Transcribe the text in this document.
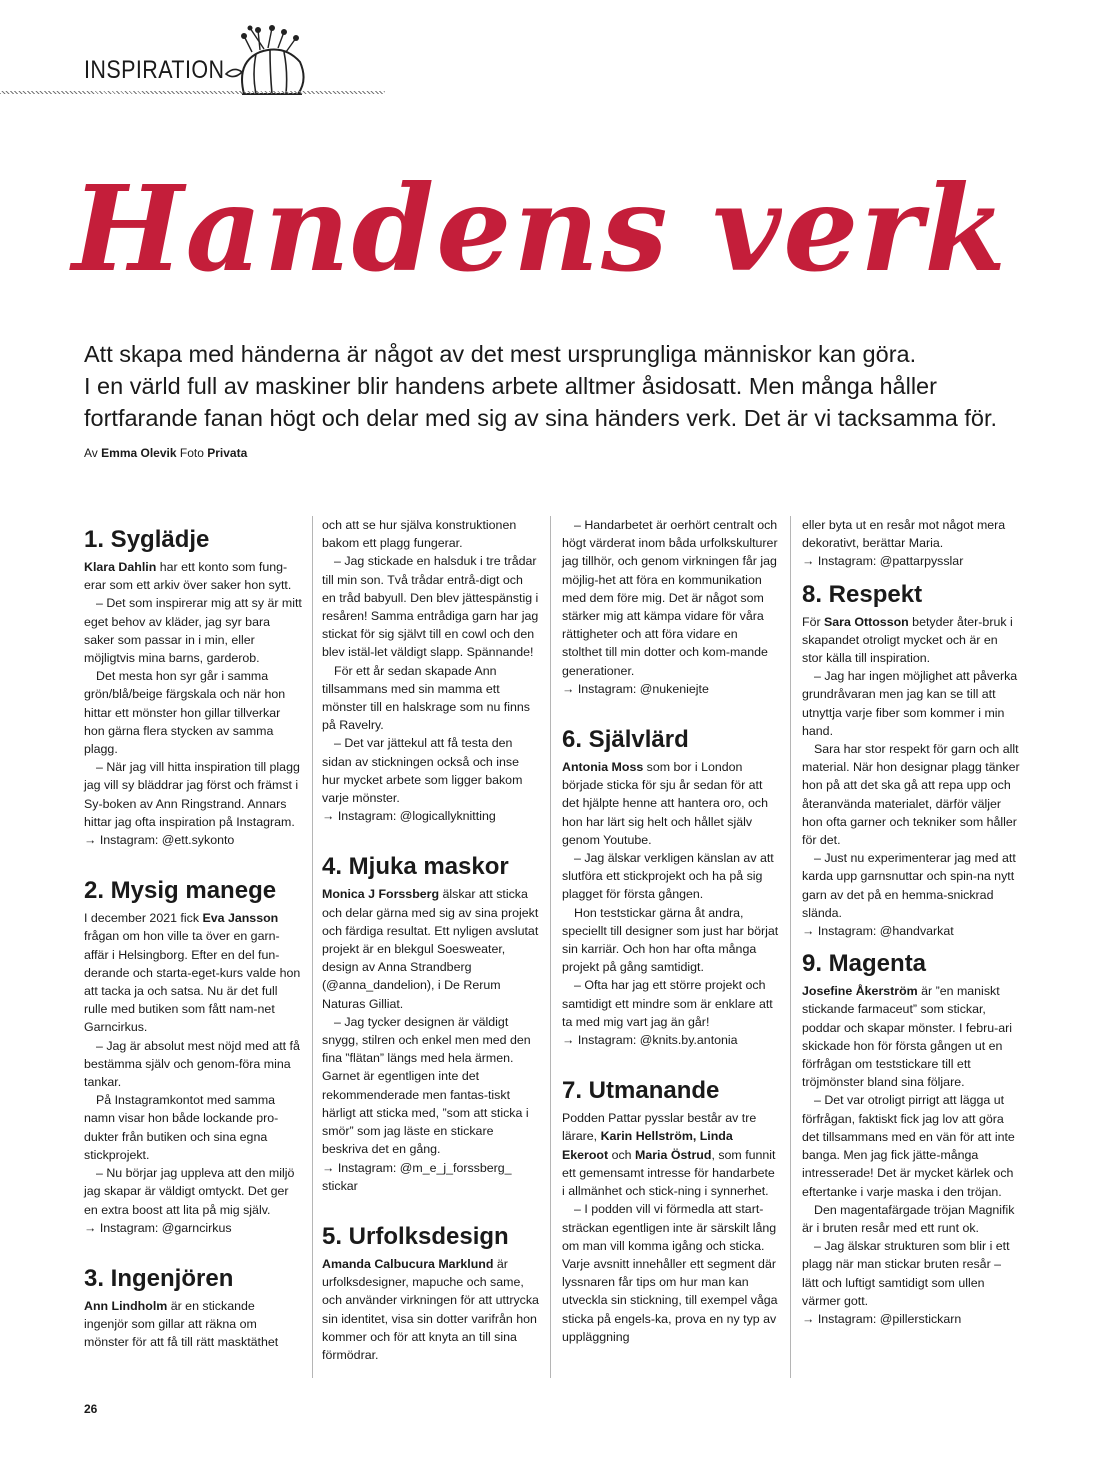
INSPIRATION
Handens verk

Att skapa med händerna är något av det mest ursprungliga människor kan göra.

I en värld full av maskiner blir handens arbete alltmer åsidosatt. Men många håller

fortfarande fanan högt och delar med sig av sina händers verk. Det är vi tacksamma för.

Av Emma Olevik Foto Privata
1. Syglädje

Klara Dahlin har ett konto som fung-erar som ett arkiv över saker hon sytt.

– Det som inspirerar mig att sy är mitt eget behov av kläder, jag syr bara saker som passar in i min, eller möjligtvis mina barns, garderob.

Det mesta hon syr går i samma grön/blå/beige färgskala och när hon hittar ett mönster hon gillar tillverkar hon gärna flera stycken av samma plagg.

– När jag vill hitta inspiration till plagg jag vill sy bläddrar jag först och främst i Sy-boken av Ann Ringstrand. Annars hittar jag ofta inspiration på Instagram.

→ Instagram: @ett.sykonto

2. Mysig manege

I december 2021 fick Eva Jansson frågan om hon ville ta över en garn-affär i Helsingborg. Efter en del fun-derande och starta-eget-kurs valde hon att tacka ja och satsa. Nu är det full rulle med butiken som fått nam-net Garncirkus.

– Jag är absolut mest nöjd med att få bestämma själv och genom-föra mina tankar.

På Instagramkontot med samma namn visar hon både lockande pro-dukter från butiken och sina egna stickprojekt.

– Nu börjar jag uppleva att den miljö jag skapar är väldigt omtyckt. Det ger en extra boost att lita på mig själv.

→ Instagram: @garncirkus

3. Ingenjören

Ann Lindholm är en stickande ingenjör som gillar att räkna om mönster för att få till rätt masktäthet

och att se hur själva konstruktionen bakom ett plagg fungerar.

– Jag stickade en halsduk i tre trådar till min son. Två trådar entrå-digt och en tråd babyull. Den blev jättespänstig i resåren! Samma entrådiga garn har jag stickat för sig självt till en cowl och den blev istäl-let väldigt slapp. Spännande!

För ett år sedan skapade Ann tillsammans med sin mamma ett mönster till en halskrage som nu finns på Ravelry.

– Det var jättekul att få testa den sidan av stickningen också och inse hur mycket arbete som ligger bakom varje mönster.

→ Instagram: @logicallyknitting

4. Mjuka maskor

Monica J Forssberg älskar att sticka och delar gärna med sig av sina projekt och färdiga resultat. Ett nyligen avslutat projekt är en blekgul Soesweater, design av Anna Strandberg (@anna_dandelion), i De Rerum Naturas Gilliat.

– Jag tycker designen är väldigt snygg, stilren och enkel men med den fina ”flätan” längs med hela ärmen. Garnet är egentligen inte det rekommenderade men fantas-tiskt härligt att sticka med, ”som att sticka i smör” som jag läste en stickare beskriva det en gång.

→ Instagram: @m_e_j_forssberg_ stickar

5. Urfolksdesign

Amanda Calbucura Marklund är urfolksdesigner, mapuche och same, och använder virkningen för att uttrycka sin identitet, visa sin dotter varifrån hon kommer och för att knyta an till sina förmödrar.

– Handarbetet är oerhört centralt och högt värderat inom båda urfolkskulturer jag tillhör, och genom virkningen får jag möjlig-het att föra en kommunikation med dem före mig. Det är något som stärker mig att kämpa vidare för våra rättigheter och att föra vidare en stolthet till min dotter och kom-mande generationer.

→ Instagram: @nukeniejte

6. Självlärd

Antonia Moss som bor i London började sticka för sju år sedan för att det hjälpte henne att hantera oro, och hon har lärt sig helt och hållet själv genom Youtube.

– Jag älskar verkligen känslan av att slutföra ett stickprojekt och ha på sig plagget för första gången.

Hon teststickar gärna åt andra, speciellt till designer som just har börjat sin karriär. Och hon har ofta många projekt på gång samtidigt.

– Ofta har jag ett större projekt och samtidigt ett mindre som är enklare att ta med mig vart jag än går!

→ Instagram: @knits.by.antonia

7. Utmanande

Podden Pattar pysslar består av tre lärare, Karin Hellström, Linda Ekeroot och Maria Östrud, som funnit ett gemensamt intresse för handarbete i allmänhet och stick-ning i synnerhet.

– I podden vill vi förmedla att start-sträckan egentligen inte är särskilt lång om man vill komma igång och sticka. Varje avsnitt innehåller ett segment där lyssnaren får tips om hur man kan utveckla sin stickning, till exempel våga sticka på engels-ka, prova en ny typ av uppläggning

eller byta ut en resår mot något mera dekorativt, berättar Maria.

→ Instagram: @pattarpysslar

8. Respekt

För Sara Ottosson betyder åter-bruk i skapandet otroligt mycket och är en stor källa till inspiration.

– Jag har ingen möjlighet att påverka grundråvaran men jag kan se till att utnyttja varje fiber som kommer i min hand.

Sara har stor respekt för garn och allt material. När hon designar plagg tänker hon på att det ska gå att repa upp och återanvända materialet, därför väljer hon ofta garner och tekniker som håller för det.

– Just nu experimenterar jag med att karda upp garnsnuttar och spin-na nytt garn av det på en hemma-snickrad slända.

→ Instagram: @handvarkat

9. Magenta

Josefine Åkerström är ”en maniskt stickande farmaceut” som stickar, poddar och skapar mönster. I febru-ari skickade hon för första gången ut en förfrågan om teststickare till ett tröjmönster bland sina följare.

– Det var otroligt pirrigt att lägga ut förfrågan, faktiskt fick jag lov att göra det tillsammans med en vän för att inte banga. Men jag fick jätte-många intresserade! Det är mycket kärlek och eftertanke i varje maska i den tröjan.

Den magentafärgade tröjan Magnifik är i bruten resår med ett runt ok.

– Jag älskar strukturen som blir i ett plagg när man stickar bruten resår – lätt och luftigt samtidigt som ullen värmer gott.

→ Instagram: @pillerstickarn

26
